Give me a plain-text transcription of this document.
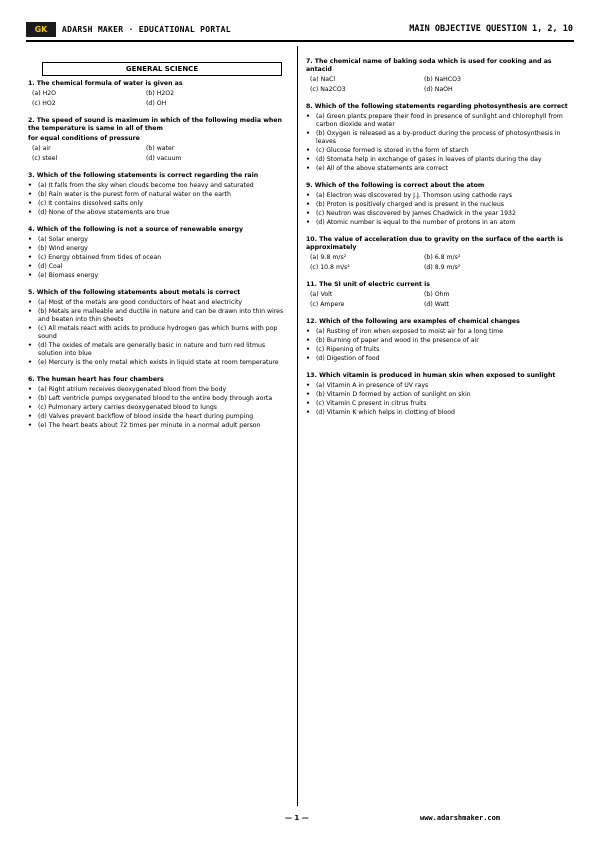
GK	ADARSH MAKER · EDUCATIONAL PORTAL	MAIN OBJECTIVE QUESTION 1, 2, 10
GENERAL SCIENCE
1. The chemical formula of water is given as
(a) H2O	(b) H2O2
(c) HO2	(d) OH
2. The speed of sound is maximum in which of the following media when the temperature is same in all of them
for equal conditions of pressure
(a) air	(b) water
(c) steel	(d) vacuum
3. Which of the following statements is correct regarding the rain
• (a) It falls from the sky when clouds become too heavy and saturated
• (b) Rain water is the purest form of natural water on the earth
• (c) It contains dissolved salts only
• (d) None of the above statements are true
4. Which of the following is not a source of renewable energy
• (a) Solar energy
• (b) Wind energy
• (c) Energy obtained from tides of ocean
• (d) Coal
• (e) Biomass energy
5. Which of the following statements about metals is correct
• (a) Most of the metals are good conductors of heat and electricity
• (b) Metals are malleable and ductile in nature and can be drawn into thin wires and beaten into thin sheets
• (c) All metals react with acids to produce hydrogen gas which burns with pop sound
• (d) The oxides of metals are generally basic in nature and turn red litmus solution into blue
• (e) Mercury is the only metal which exists in liquid state at room temperature
6. The human heart has four chambers
• (a) Right atrium receives deoxygenated blood from the body
• (b) Left ventricle pumps oxygenated blood to the entire body through aorta
• (c) Pulmonary artery carries deoxygenated blood to lungs
• (d) Valves prevent backflow of blood inside the heart during pumping
• (e) The heart beats about 72 times per minute in a normal adult person
7. The chemical name of baking soda which is used for cooking and as antacid
(a) NaCl	(b) NaHCO3
(c) Na2CO3	(d) NaOH
8. Which of the following statements regarding photosynthesis are correct
• (a) Green plants prepare their food in presence of sunlight and chlorophyll from carbon dioxide and water
• (b) Oxygen is released as a by-product during the process of photosynthesis in leaves
• (c) Glucose formed is stored in the form of starch
• (d) Stomata help in exchange of gases in leaves of plants during the day
• (e) All of the above statements are correct
9. Which of the following is correct about the atom
• (a) Electron was discovered by J.J. Thomson using cathode rays
• (b) Proton is positively charged and is present in the nucleus
• (c) Neutron was discovered by James Chadwick in the year 1932
• (d) Atomic number is equal to the number of protons in an atom
10. The value of acceleration due to gravity on the surface of the earth is approximately
(a) 9.8 m/s²	(b) 6.8 m/s²
(c) 10.8 m/s²	(d) 8.9 m/s²
11. The SI unit of electric current is
(a) Volt	(b) Ohm
(c) Ampere	(d) Watt
12. Which of the following are examples of chemical changes
• (a) Rusting of iron when exposed to moist air for a long time
• (b) Burning of paper and wood in the presence of air
• (c) Ripening of fruits
• (d) Digestion of food
13. Which vitamin is produced in human skin when exposed to sunlight
• (a) Vitamin A in presence of UV rays
• (b) Vitamin D formed by action of sunlight on skin
• (c) Vitamin C present in citrus fruits
• (d) Vitamin K which helps in clotting of blood
— 1 —	www.adarshmaker.com
